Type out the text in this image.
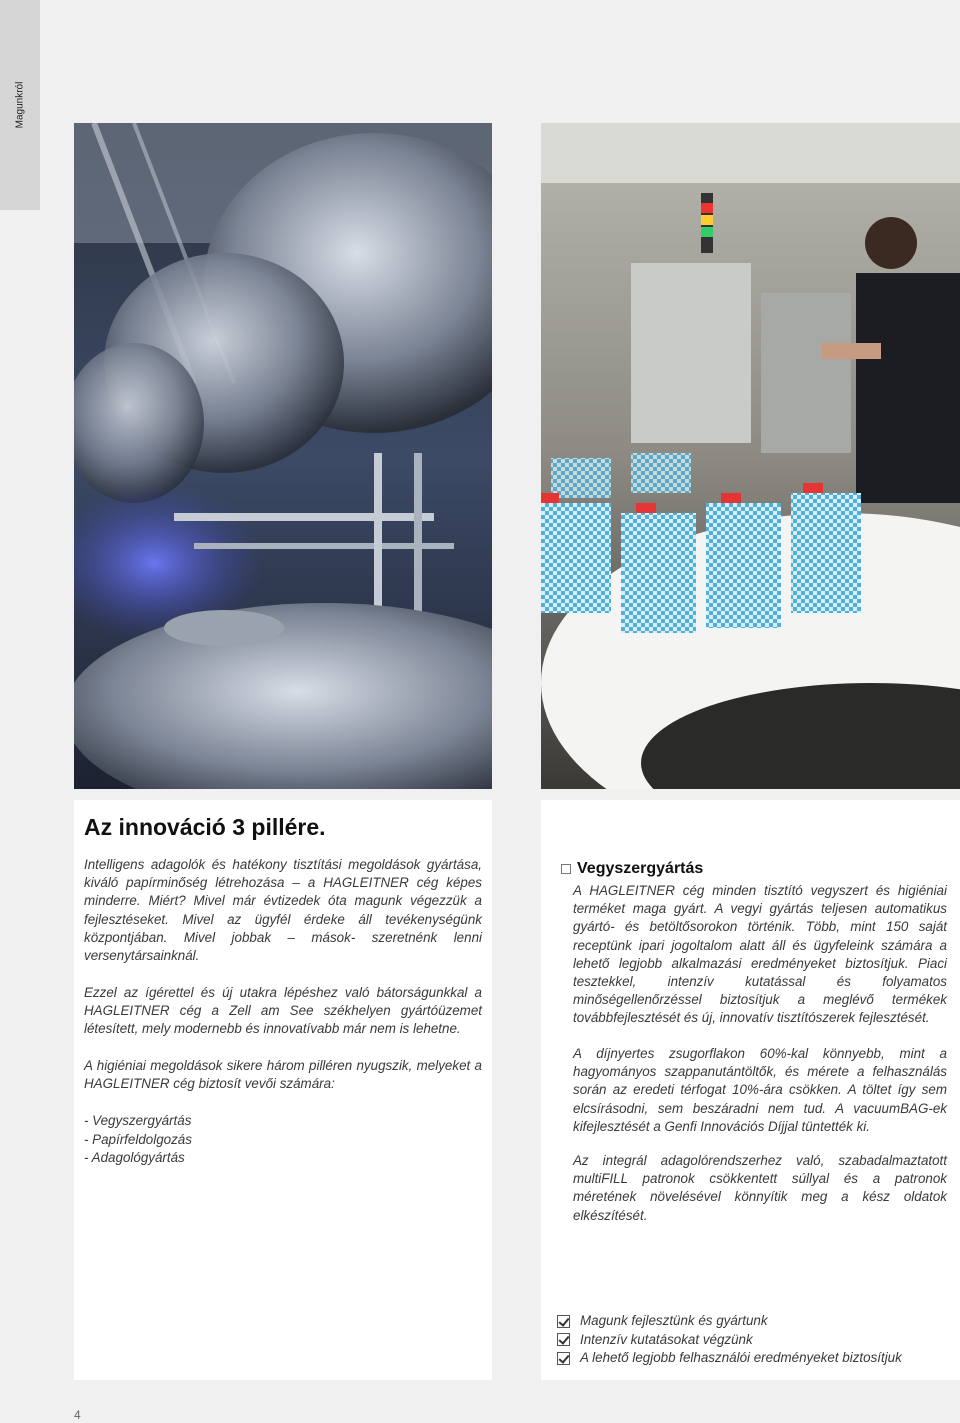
Magunkról
Az innováció 3 pillére.

Intelligens adagolók és hatékony tisztítási megoldások gyártása, kiváló papírminőség létrehozása – a HAGLEITNER cég képes minderre. Miért? Mivel már évtizedek óta magunk végezzük a fejlesztéseket. Mivel az ügyfél érdeke áll tevékenységünk központjában. Mivel jobbak – mások- szeretnénk lenni versenytársainknál.

Ezzel az ígérettel és új utakra lépéshez való bátorságunkkal a HAGLEITNER cég a Zell am See székhelyen gyártóüzemet létesített, mely modernebb és innovatívabb már nem is lehetne.

A higiéniai megoldások sikere három pilléren nyugszik, melyeket a HAGLEITNER cég biztosít vevői számára:

- Vegyszergyártás
- Papírfeldolgozás
- Adagológyártás
Vegyszergyártás

A HAGLEITNER cég minden tisztító vegyszert és higiéniai terméket maga gyárt. A vegyi gyártás teljesen automatikus gyártó- és betöltősorokon történik. Több, mint 150 saját receptünk ipari jogoltalom alatt áll és ügyfeleink számára a lehető legjobb alkalmazási eredményeket biztosítjuk. Piaci tesztekkel, intenzív kutatással és folyamatos minőségellenőrzéssel biztosítjuk a meglévő termékek továbbfejlesztését és új, innovatív tisztítószerek fejlesztését.

A díjnyertes zsugorflakon 60%-kal könnyebb, mint a hagyományos szappanutántöltők, és mérete a felhasználás során az eredeti térfogat 10%-ára csökken. A töltet így sem elcsírásodni, sem beszáradni nem tud. A vacuumBAG-ek kifejlesztését a Genfi Innovációs Díjjal tüntették ki.

Az integrál adagolórendszerhez való, szabadalmaztatott multiFILL patronok csökkentett súllyal és a patronok méretének növelésével könnyítik meg a kész oldatok elkészítését.

Magunk fejlesztünk és gyártunk
Intenzív kutatásokat végzünk
A lehető legjobb felhasználói eredményeket biztosítjuk
4
